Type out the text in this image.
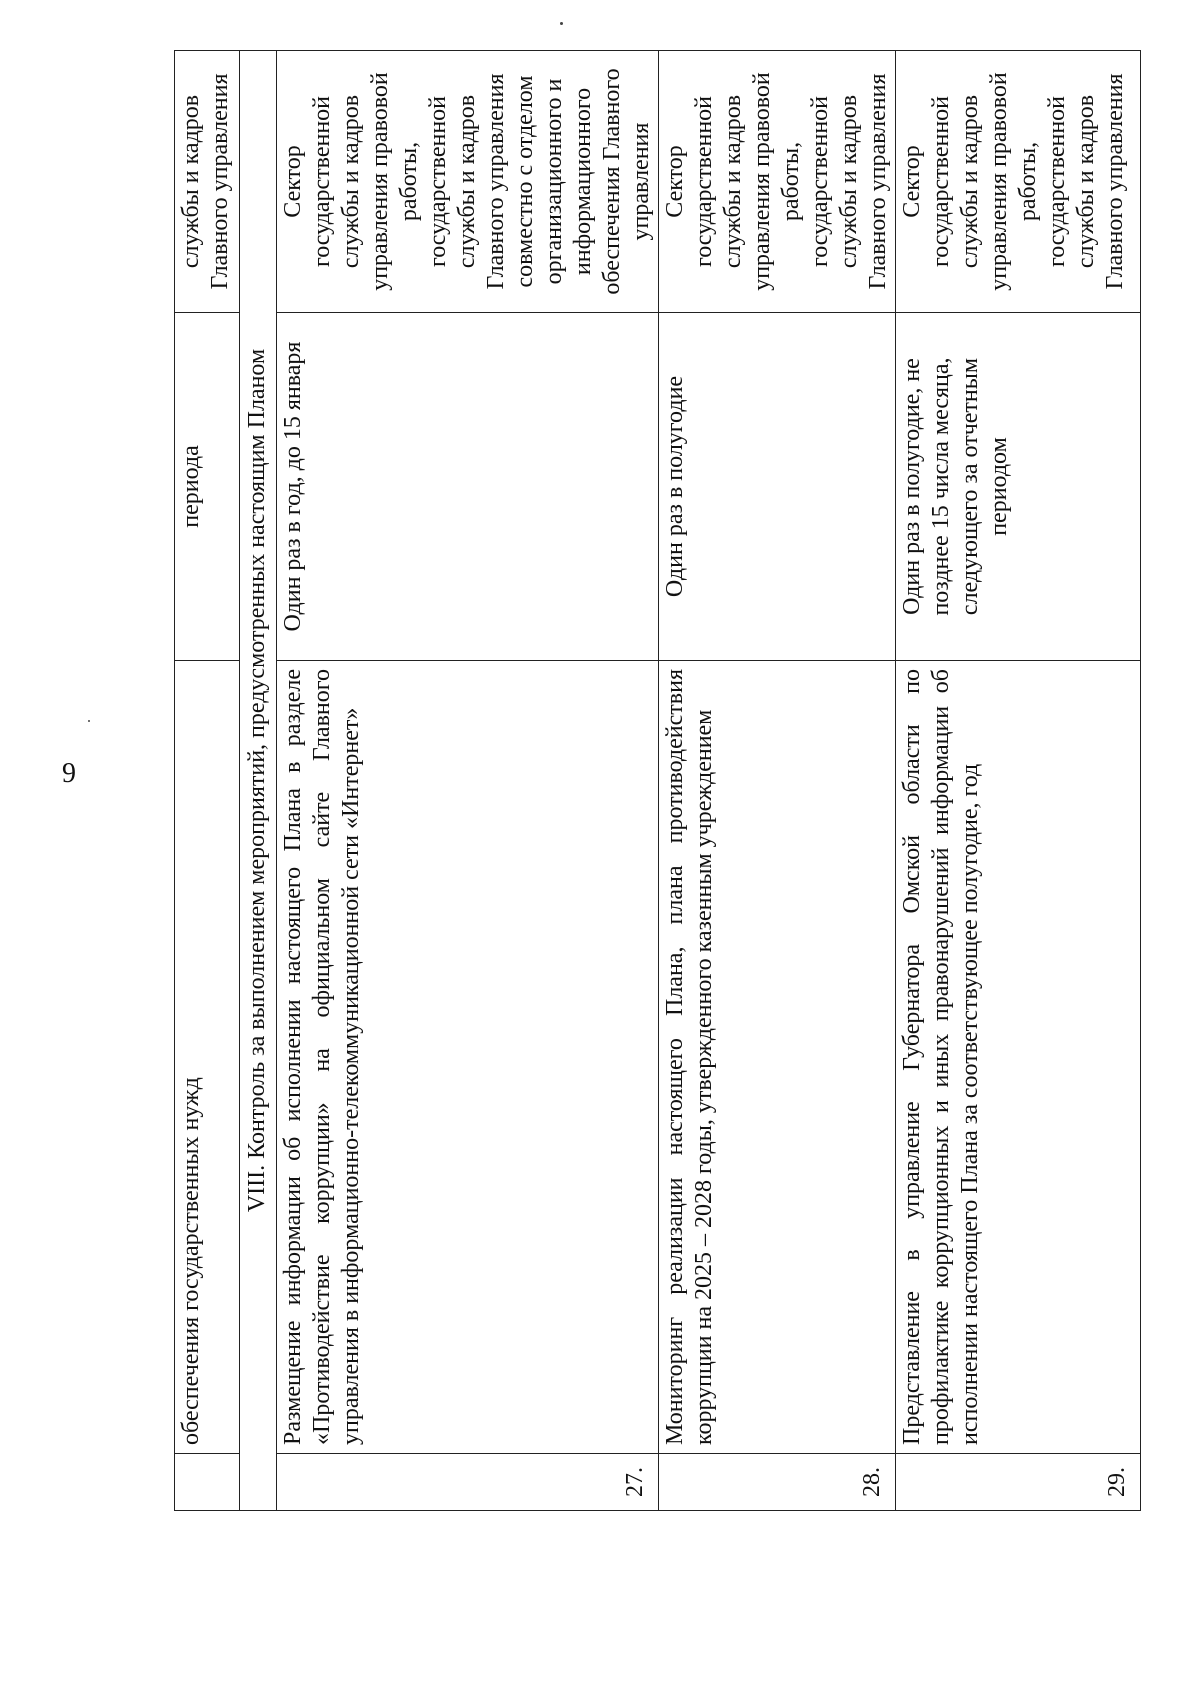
9
	обеспечения государственных нужд	периода	службы и кадров Главного управления
VIII. Контроль за выполнением мероприятий, предусмотренных настоящим Планом			
27.	Размещение информации об исполнении настоящего Плана в разделе «Противодействие коррупции» на официальном сайте Главного управления в информационно-телекоммуникационной сети «Интернет»	Один раз в год, до 15 января	Сектор государственной службы и кадров управления правовой работы, государственной службы и кадров Главного управления совместно с отделом организационного и информационного обеспечения Главного управления
28.	Мониторинг реализации настоящего Плана, плана противодействия коррупции на 2025 – 2028 годы, утвержденного казенным учреждением	Один раз в полугодие	Сектор государственной службы и кадров управления правовой работы, государственной службы и кадров Главного управления
29.	Представление в управление Губернатора Омской области по профилактике коррупционных и иных правонарушений информации об исполнении настоящего Плана за соответствующее полугодие, год	Один раз в полугодие, не позднее 15 числа месяца, следующего за отчетным периодом	Сектор государственной службы и кадров управления правовой работы, государственной службы и кадров Главного управления
